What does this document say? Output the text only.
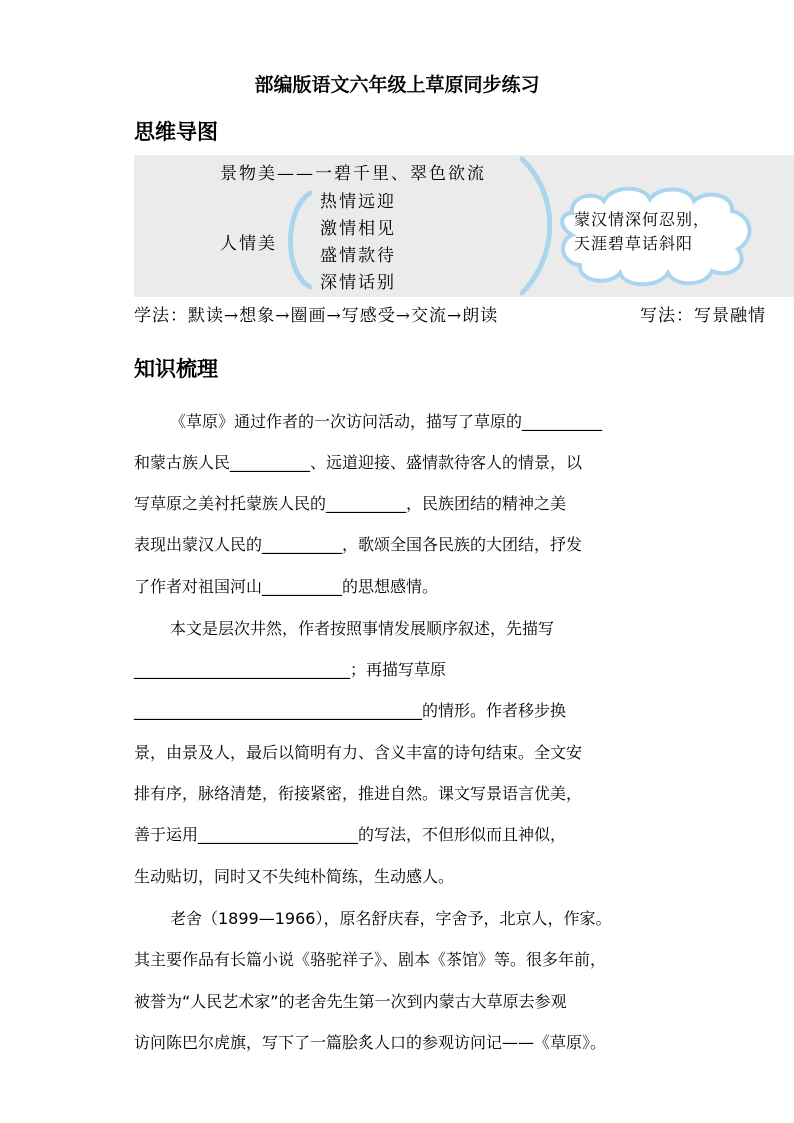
部编版语文六年级上草原同步练习
思维导图
景物美——一碧千里、翠色欲流
人情美
热情远迎
激情相见
盛情款待
深情话别
蒙汉情深何忍别，
天涯碧草话斜阳
学法：默读→想象→圈画→写感受→交流→朗读	写法：写景融情
知识梳理
《草原》通过作者的一次访问活动，描写了草原的__________
和蒙古族人民__________、远道迎接、盛情款待客人的情景，以
写草原之美衬托蒙族人民的__________，民族团结的精神之美
表现出蒙汉人民的__________，歌颂全国各民族的大团结，抒发
了作者对祖国河山__________的思想感情。
本文是层次井然，作者按照事情发展顺序叙述，先描写
___________________________；再描写草原
____________________________________的情形。作者移步换
景，由景及人，最后以简明有力、含义丰富的诗句结束。全文安
排有序，脉络清楚，衔接紧密，推进自然。课文写景语言优美，
善于运用____________________的写法，不但形似而且神似，
生动贴切，同时又不失纯朴简练，生动感人。
老舍（1899—1966），原名舒庆春，字舍予，北京人，作家。
其主要作品有长篇小说《骆驼祥子》、剧本《茶馆》等。很多年前，
被誉为“人民艺术家”的老舍先生第一次到内蒙古大草原去参观
访问陈巴尔虎旗，写下了一篇脍炙人口的参观访问记——《草原》。
